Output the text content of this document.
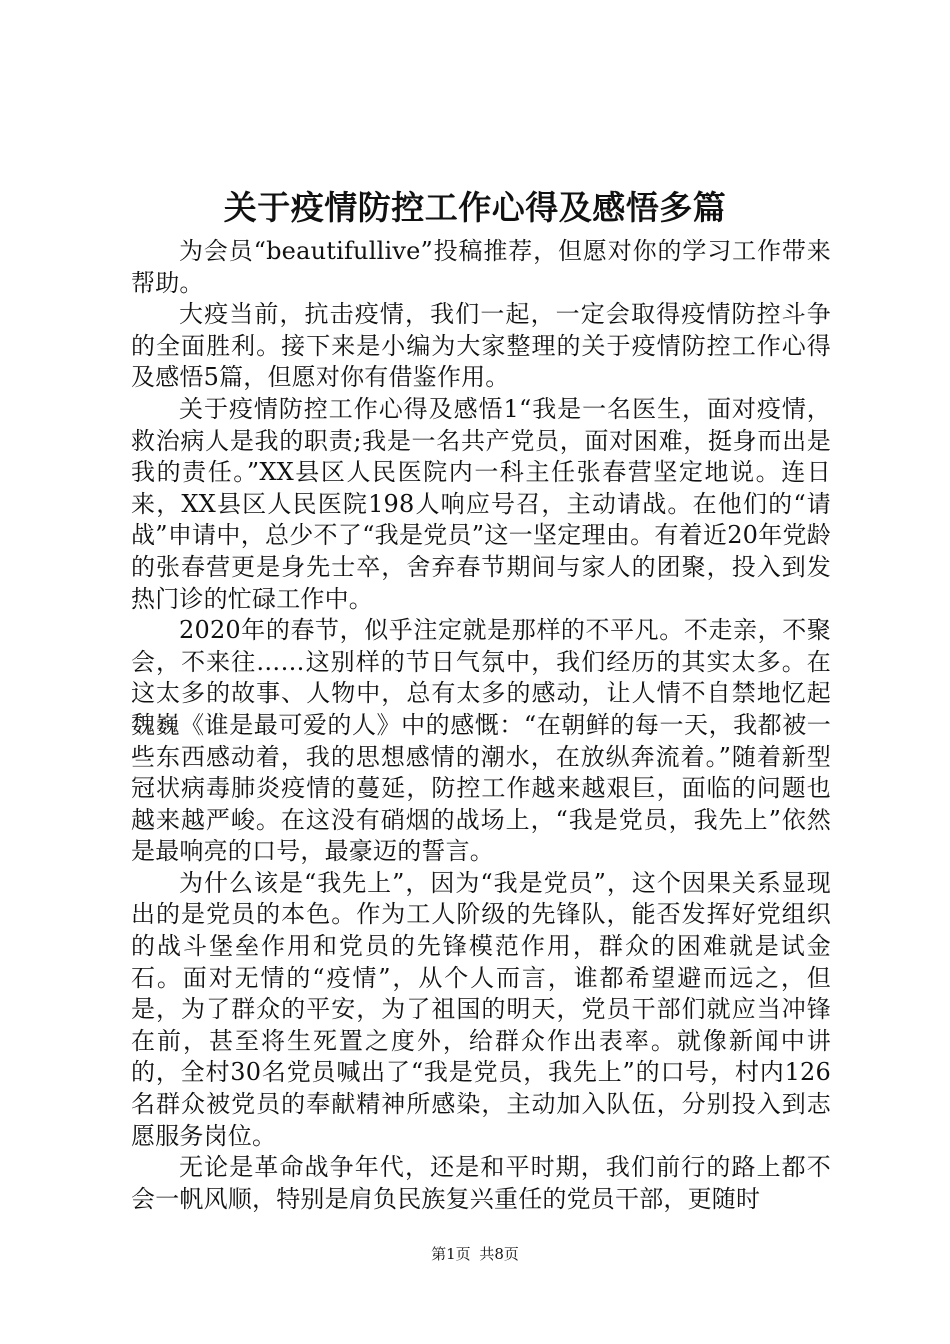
关于疫情防控工作心得及感悟多篇

为会员“beautifullive”投稿推荐，但愿对你的学习工作带来帮助。

大疫当前，抗击疫情，我们一起，一定会取得疫情防控斗争的全面胜利。接下来是小编为大家整理的关于疫情防控工作心得及感悟5篇，但愿对你有借鉴作用。

关于疫情防控工作心得及感悟1“我是一名医生，面对疫情，救治病人是我的职责;我是一名共产党员，面对困难，挺身而出是我的责任。”XX县区人民医院内一科主任张春营坚定地说。连日来，XX县区人民医院198人响应号召，主动请战。在他们的“请战”申请中，总少不了“我是党员”这一坚定理由。有着近20年党龄的张春营更是身先士卒，舍弃春节期间与家人的团聚，投入到发热门诊的忙碌工作中。

2020年的春节，似乎注定就是那样的不平凡。不走亲，不聚会，不来往……这别样的节日气氛中，我们经历的其实太多。在这太多的故事、人物中，总有太多的感动，让人情不自禁地忆起魏巍《谁是最可爱的人》中的感慨：“在朝鲜的每一天，我都被一些东西感动着，我的思想感情的潮水，在放纵奔流着。”随着新型冠状病毒肺炎疫情的蔓延，防控工作越来越艰巨，面临的问题也越来越严峻。在这没有硝烟的战场上，“我是党员，我先上”依然是最响亮的口号，最豪迈的誓言。

为什么该是“我先上”，因为“我是党员”，这个因果关系显现出的是党员的本色。作为工人阶级的先锋队，能否发挥好党组织的战斗堡垒作用和党员的先锋模范作用，群众的困难就是试金石。面对无情的“疫情”，从个人而言，谁都希望避而远之，但是，为了群众的平安，为了祖国的明天，党员干部们就应当冲锋在前，甚至将生死置之度外，给群众作出表率。就像新闻中讲的，全村30名党员喊出了“我是党员，我先上”的口号，村内126名群众被党员的奉献精神所感染，主动加入队伍，分别投入到志愿服务岗位。

无论是革命战争年代，还是和平时期，我们前行的路上都不会一帆风顺，特别是肩负民族复兴重任的党员干部，更随时

第1页 共8页
